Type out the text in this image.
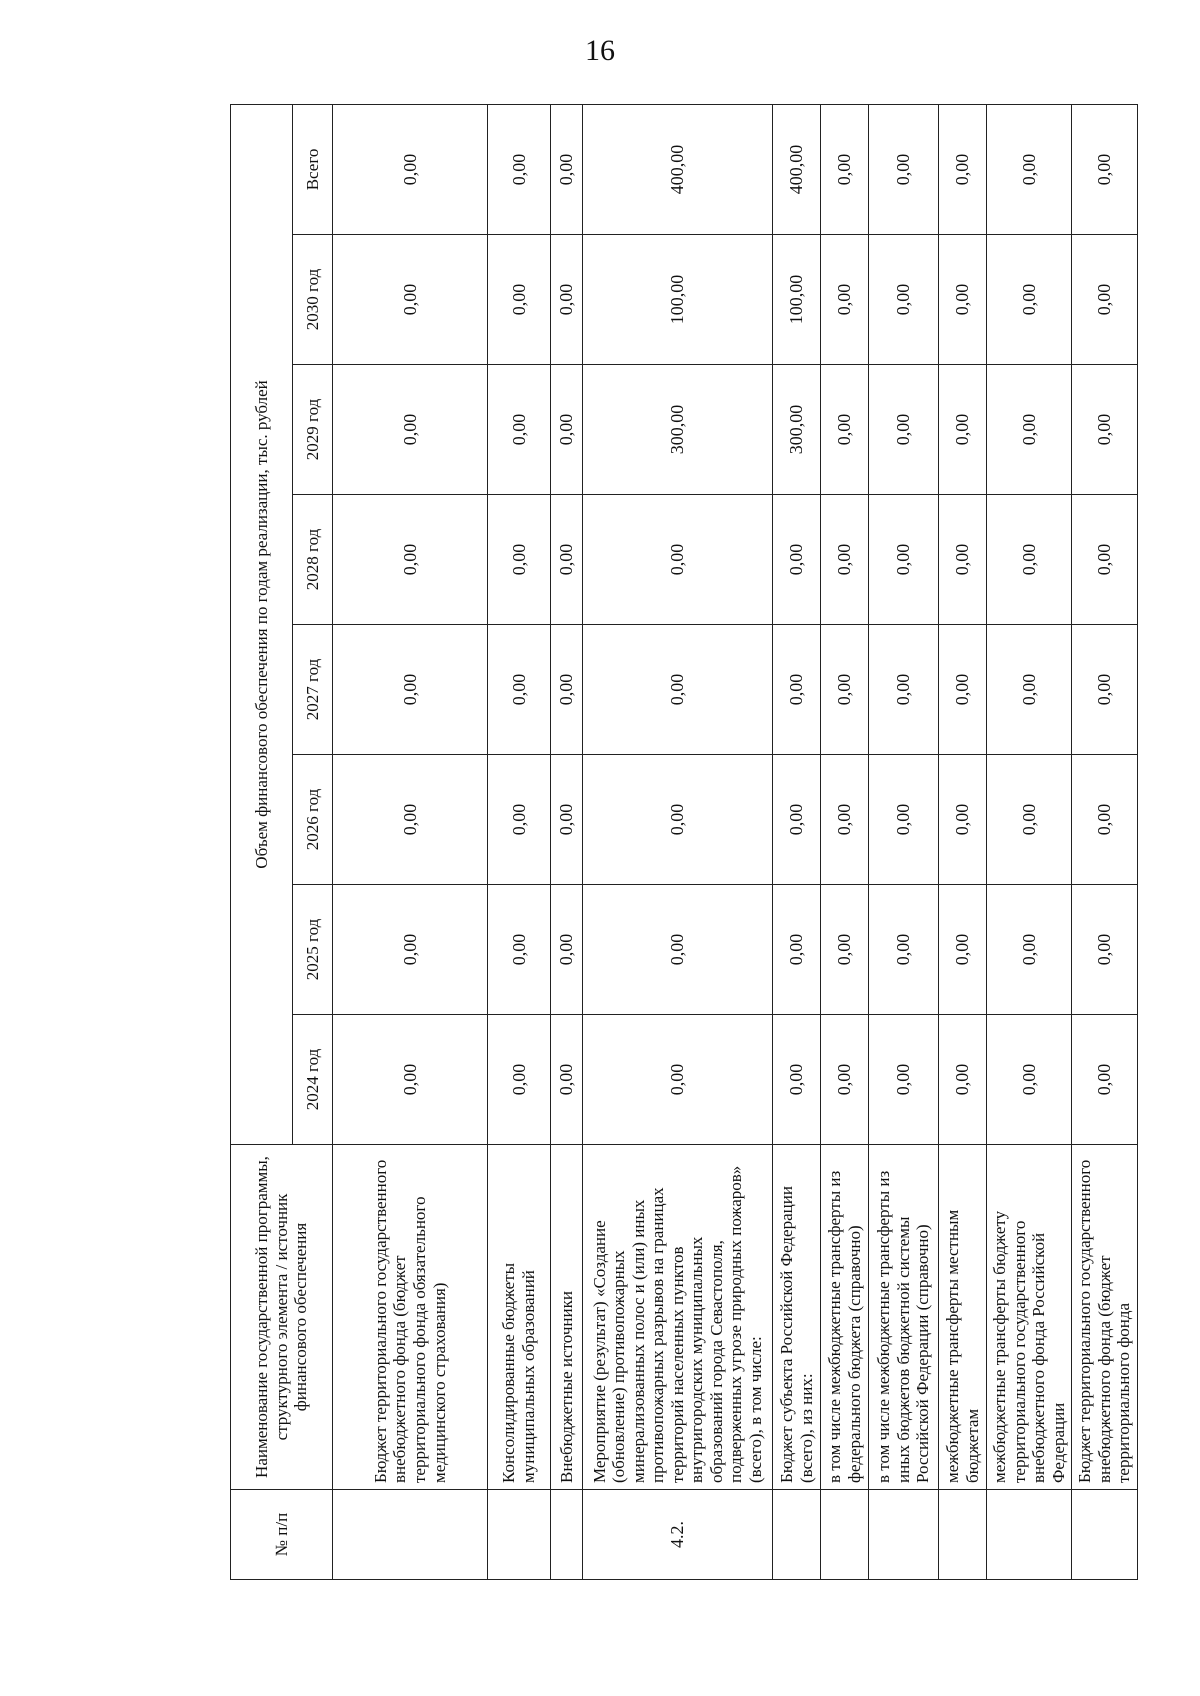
16
№ п/п	Наименование государственной программы, структурного элемента / источник финансового обеспечения	Объем финансового обеспечения по годам реализации, тыс. рублей							
		2024 год	2025 год	2026 год	2027 год	2028 год	2029 год	2030 год	Всего
	Бюджет территориального государственного внебюджетного фонда (бюджет территориального фонда обязательного медицинского страхования)	0,00	0,00	0,00	0,00	0,00	0,00	0,00	0,00
	Консолидированные бюджеты муниципальных образований	0,00	0,00	0,00	0,00	0,00	0,00	0,00	0,00
	Внебюджетные источники	0,00	0,00	0,00	0,00	0,00	0,00	0,00	0,00
4.2.	Мероприятие (результат) «Создание (обновление) противопожарных минерализованных полос и (или) иных противопожарных разрывов на границах территорий населенных пунктов внутригородских муниципальных образований города Севастополя, подверженных угрозе природных пожаров» (всего), в том числе:	0,00	0,00	0,00	0,00	0,00	300,00	100,00	400,00
	Бюджет субъекта Российской Федерации (всего), из них:	0,00	0,00	0,00	0,00	0,00	300,00	100,00	400,00
	в том числе межбюджетные трансферты из федерального бюджета (справочно)	0,00	0,00	0,00	0,00	0,00	0,00	0,00	0,00
	в том числе межбюджетные трансферты из иных бюджетов бюджетной системы Российской Федерации (справочно)	0,00	0,00	0,00	0,00	0,00	0,00	0,00	0,00
	межбюджетные трансферты местным бюджетам	0,00	0,00	0,00	0,00	0,00	0,00	0,00	0,00
	межбюджетные трансферты бюджету территориального государственного внебюджетного фонда Российской Федерации	0,00	0,00	0,00	0,00	0,00	0,00	0,00	0,00
	Бюджет территориального государственного внебюджетного фонда (бюджет территориального фонда	0,00	0,00	0,00	0,00	0,00	0,00	0,00	0,00
